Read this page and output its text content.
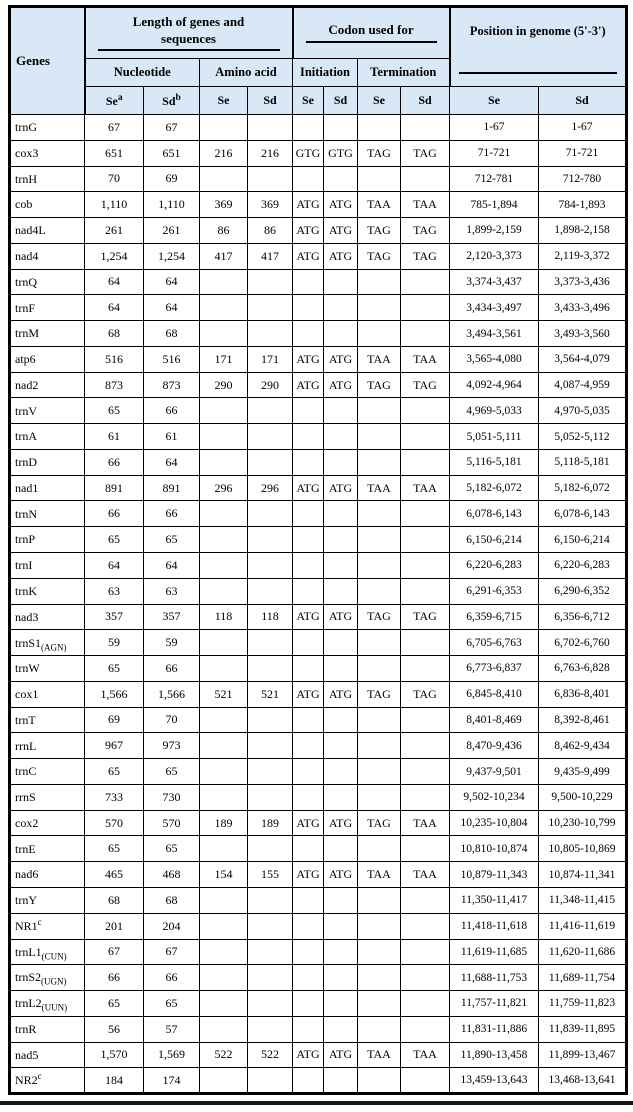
Genes	Length of genes and sequences				Codon used for				Position in genome (5'-3')	

	Nucleotide		Amino acid		Initiation		Termination			
	Se$^a$	Sd$^b$	Se	Sd	Se	Sd	Se	Sd	Se	Sd
trnG	67	67							1-67	1-67
cox3	651	651	216	216	GTG	GTG	TAG	TAG	71-721	71-721
trnH	70	69							712-781	712-780
cob	1,110	1,110	369	369	ATG	ATG	TAA	TAA	785-1,894	784-1,893
nad4L	261	261	86	86	ATG	ATG	TAG	TAG	1,899-2,159	1,898-2,158
nad4	1,254	1,254	417	417	ATG	ATG	TAG	TAG	2,120-3,373	2,119-3,372
trnQ	64	64							3,374-3,437	3,373-3,436
trnF	64	64							3,434-3,497	3,433-3,496
trnM	68	68							3,494-3,561	3,493-3,560
atp6	516	516	171	171	ATG	ATG	TAA	TAA	3,565-4,080	3,564-4,079
nad2	873	873	290	290	ATG	ATG	TAG	TAG	4,092-4,964	4,087-4,959
trnV	65	66							4,969-5,033	4,970-5,035
trnA	61	61							5,051-5,111	5,052-5,112
trnD	66	64							5,116-5,181	5,118-5,181
nad1	891	891	296	296	ATG	ATG	TAA	TAA	5,182-6,072	5,182-6,072
trnN	66	66							6,078-6,143	6,078-6,143
trnP	65	65							6,150-6,214	6,150-6,214
trnI	64	64							6,220-6,283	6,220-6,283
trnK	63	63							6,291-6,353	6,290-6,352
nad3	357	357	118	118	ATG	ATG	TAG	TAG	6,359-6,715	6,356-6,712
$trnS1_{(AGN)}$	59	59							6,705-6,763	6,702-6,760
trnW	65	66							6,773-6,837	6,763-6,828
cox1	1,566	1,566	521	521	ATG	ATG	TAG	TAG	6,845-8,410	6,836-8,401
trnT	69	70							8,401-8,469	8,392-8,461
rrnL	967	973							8,470-9,436	8,462-9,434
trnC	65	65							9,437-9,501	9,435-9,499
rrnS	733	730							9,502-10,234	9,500-10,229
cox2	570	570	189	189	ATG	ATG	TAG	TAA	10,235-10,804	10,230-10,799
trnE	65	65							10,810-10,874	10,805-10,869
nad6	465	468	154	155	ATG	ATG	TAA	TAA	10,879-11,343	10,874-11,341
trnY	68	68							11,350-11,417	11,348-11,415
NR1$^c$	201	204							11,418-11,618	11,416-11,619
$trnL1_{(CUN)}$	67	67							11,619-11,685	11,620-11,686
$trnS2_{(UGN)}$	66	66							11,688-11,753	11,689-11,754
$trnL2_{(UUN)}$	65	65							11,757-11,821	11,759-11,823
trnR	56	57							11,831-11,886	11,839-11,895
nad5	1,570	1,569	522	522	ATG	ATG	TAA	TAA	11,890-13,458	11,899-13,467
NR2$^c$	184	174							13,459-13,643	13,468-13,641
